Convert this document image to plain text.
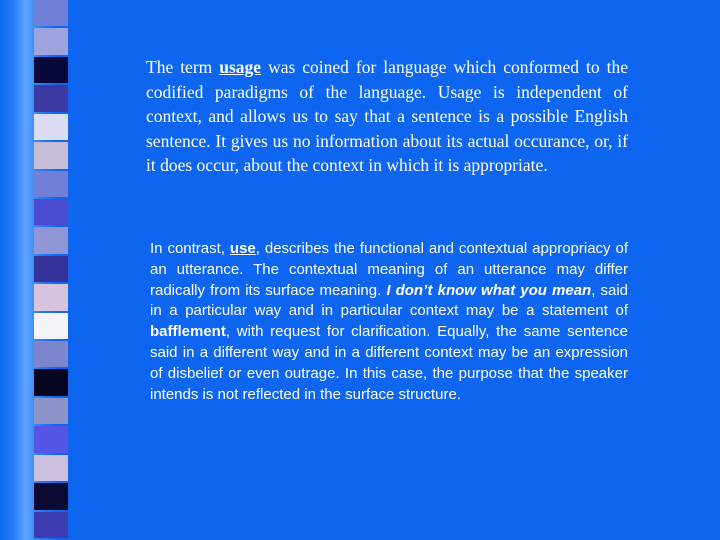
The term usage was coined for language which conformed to the codified paradigms of the language. Usage is independent of context, and allows us to say that a sentence is a possible English sentence. It gives us no information about its actual occurance, or, if it does occur, about the context in which it is appropriate.

In contrast, use, describes the functional and contextual appropriacy of an utterance. The contextual meaning of an utterance may differ radically from its surface meaning. I don’t know what you mean, said in a particular way and in particular context may be a statement of bafflement, with request for clarification. Equally, the same sentence said in a different way and in a different context may be an expression of disbelief or even outrage. In this case, the purpose that the speaker intends is not reflected in the surface structure.
